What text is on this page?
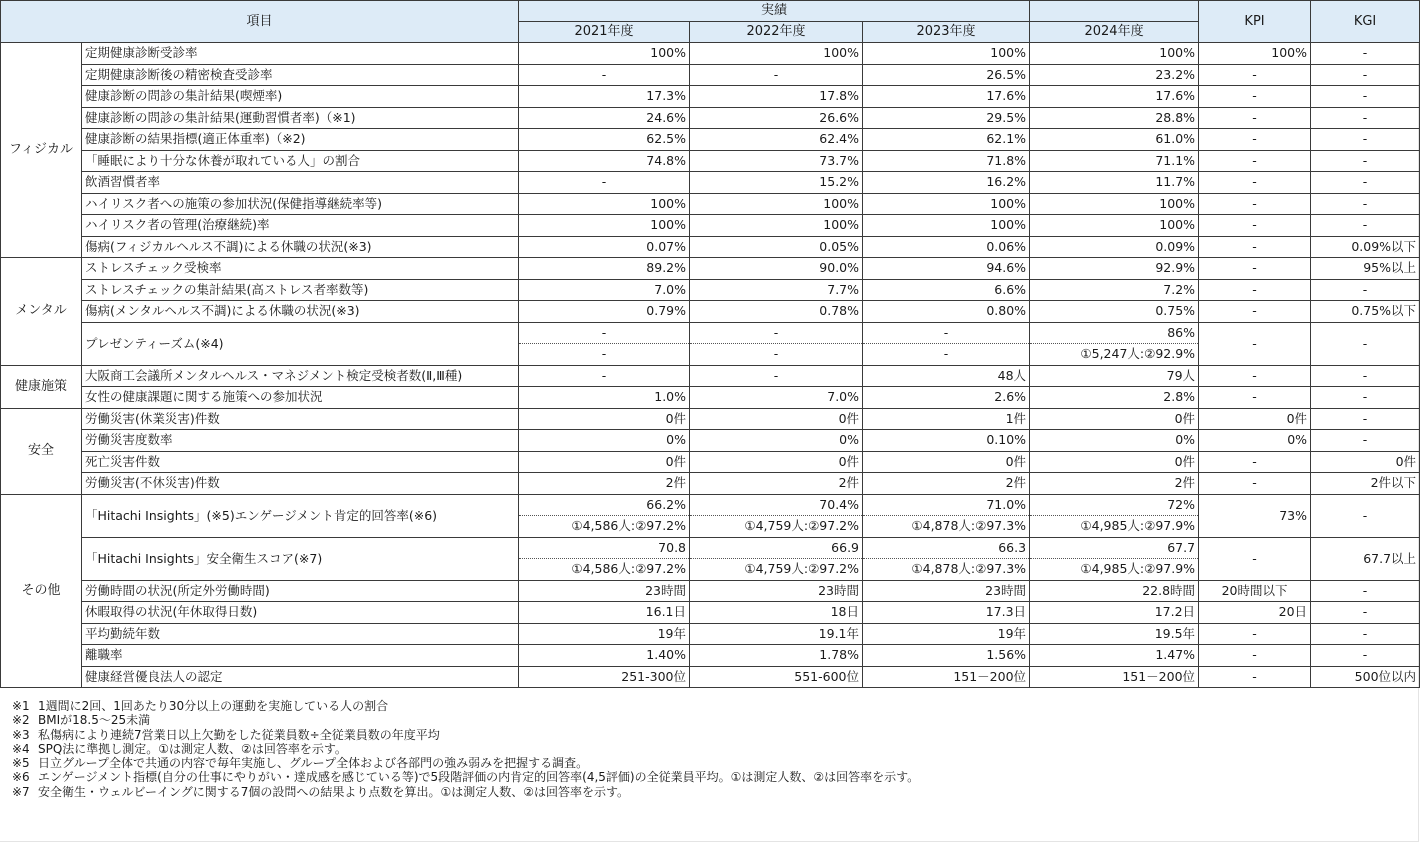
項目		実績				KPI	KGI
		2021年度	2022年度	2023年度	2024年度		
フィジカル	定期健康診断受診率	100%	100%	100%	100%	100%	-
	定期健康診断後の精密検査受診率	-	-	26.5%	23.2%	-	-
	健康診断の問診の集計結果(喫煙率)	17.3%	17.8%	17.6%	17.6%	-	-
	健康診断の問診の集計結果(運動習慣者率)（※1)	24.6%	26.6%	29.5%	28.8%	-	-
	健康診断の結果指標(適正体重率)（※2)	62.5%	62.4%	62.1%	61.0%	-	-
	「睡眠により十分な休養が取れている人」の割合	74.8%	73.7%	71.8%	71.1%	-	-
	飲酒習慣者率	-	15.2%	16.2%	11.7%	-	-
	ハイリスク者への施策の参加状況(保健指導継続率等)	100%	100%	100%	100%	-	-
	ハイリスク者の管理(治療継続)率	100%	100%	100%	100%	-	-
	傷病(フィジカルヘルス不調)による休職の状況(※3)	0.07%	0.05%	0.06%	0.09%	-	0.09%以下
メンタル	ストレスチェック受検率	89.2%	90.0%	94.6%	92.9%	-	95%以上
	ストレスチェックの集計結果(高ストレス者率数等)	7.0%	7.7%	6.6%	7.2%	-	-
	傷病(メンタルヘルス不調)による休職の状況(※3)	0.79%	0.78%	0.80%	0.75%	-	0.75%以下
	プレゼンティーズム(※4)	-	-	-	86%	-	-
		-	-	-	①5,247人:②92.9%		
健康施策	大阪商工会議所メンタルヘルス・マネジメント検定受検者数(Ⅱ,Ⅲ種)	-	-	48人	79人	-	-
	女性の健康課題に関する施策への参加状況	1.0%	7.0%	2.6%	2.8%	-	-
安全	労働災害(休業災害)件数	0件	0件	1件	0件	0件	-
	労働災害度数率	0%	0%	0.10%	0%	0%	-
	死亡災害件数	0件	0件	0件	0件	-	0件
	労働災害(不休災害)件数	2件	2件	2件	2件	-	2件以下
その他	「Hitachi Insights」(※5)エンゲージメント肯定的回答率(※6)	66.2%	70.4%	71.0%	72%	73%	-
		①4,586人:②97.2%	①4,759人:②97.2%	①4,878人:②97.3%	①4,985人:②97.9%		
	「Hitachi Insights」安全衛生スコア(※7)	70.8	66.9	66.3	67.7	-	67.7以上
		①4,586人:②97.2%	①4,759人:②97.2%	①4,878人:②97.3%	①4,985人:②97.9%		
	労働時間の状況(所定外労働時間)	23時間	23時間	23時間	22.8時間	20時間以下	-
	休暇取得の状況(年休取得日数)	16.1日	18日	17.3日	17.2日	20日	-
	平均勤続年数	19年	19.1年	19年	19.5年	-	-
	離職率	1.40%	1.78%	1.56%	1.47%	-	-
	健康経営優良法人の認定	251-300位	551-600位	151－200位	151－200位	-	500位以内
※1 1週間に2回、1回あたり30分以上の運動を実施している人の割合
※2 BMIが18.5～25未満
※3 私傷病により連続7営業日以上欠勤をした従業員数÷全従業員数の年度平均
※4 SPQ法に準拠し測定。①は測定人数、②は回答率を示す。
※5 日立グループ全体で共通の内容で毎年実施し、グループ全体および各部門の強み弱みを把握する調査。
※6 エンゲージメント指標(自分の仕事にやりがい・達成感を感じている等)で5段階評価の内肯定的回答率(4,5評価)の全従業員平均。①は測定人数、②は回答率を示す。
※7 安全衛生・ウェルビーイングに関する7個の設問への結果より点数を算出。①は測定人数、②は回答率を示す。
